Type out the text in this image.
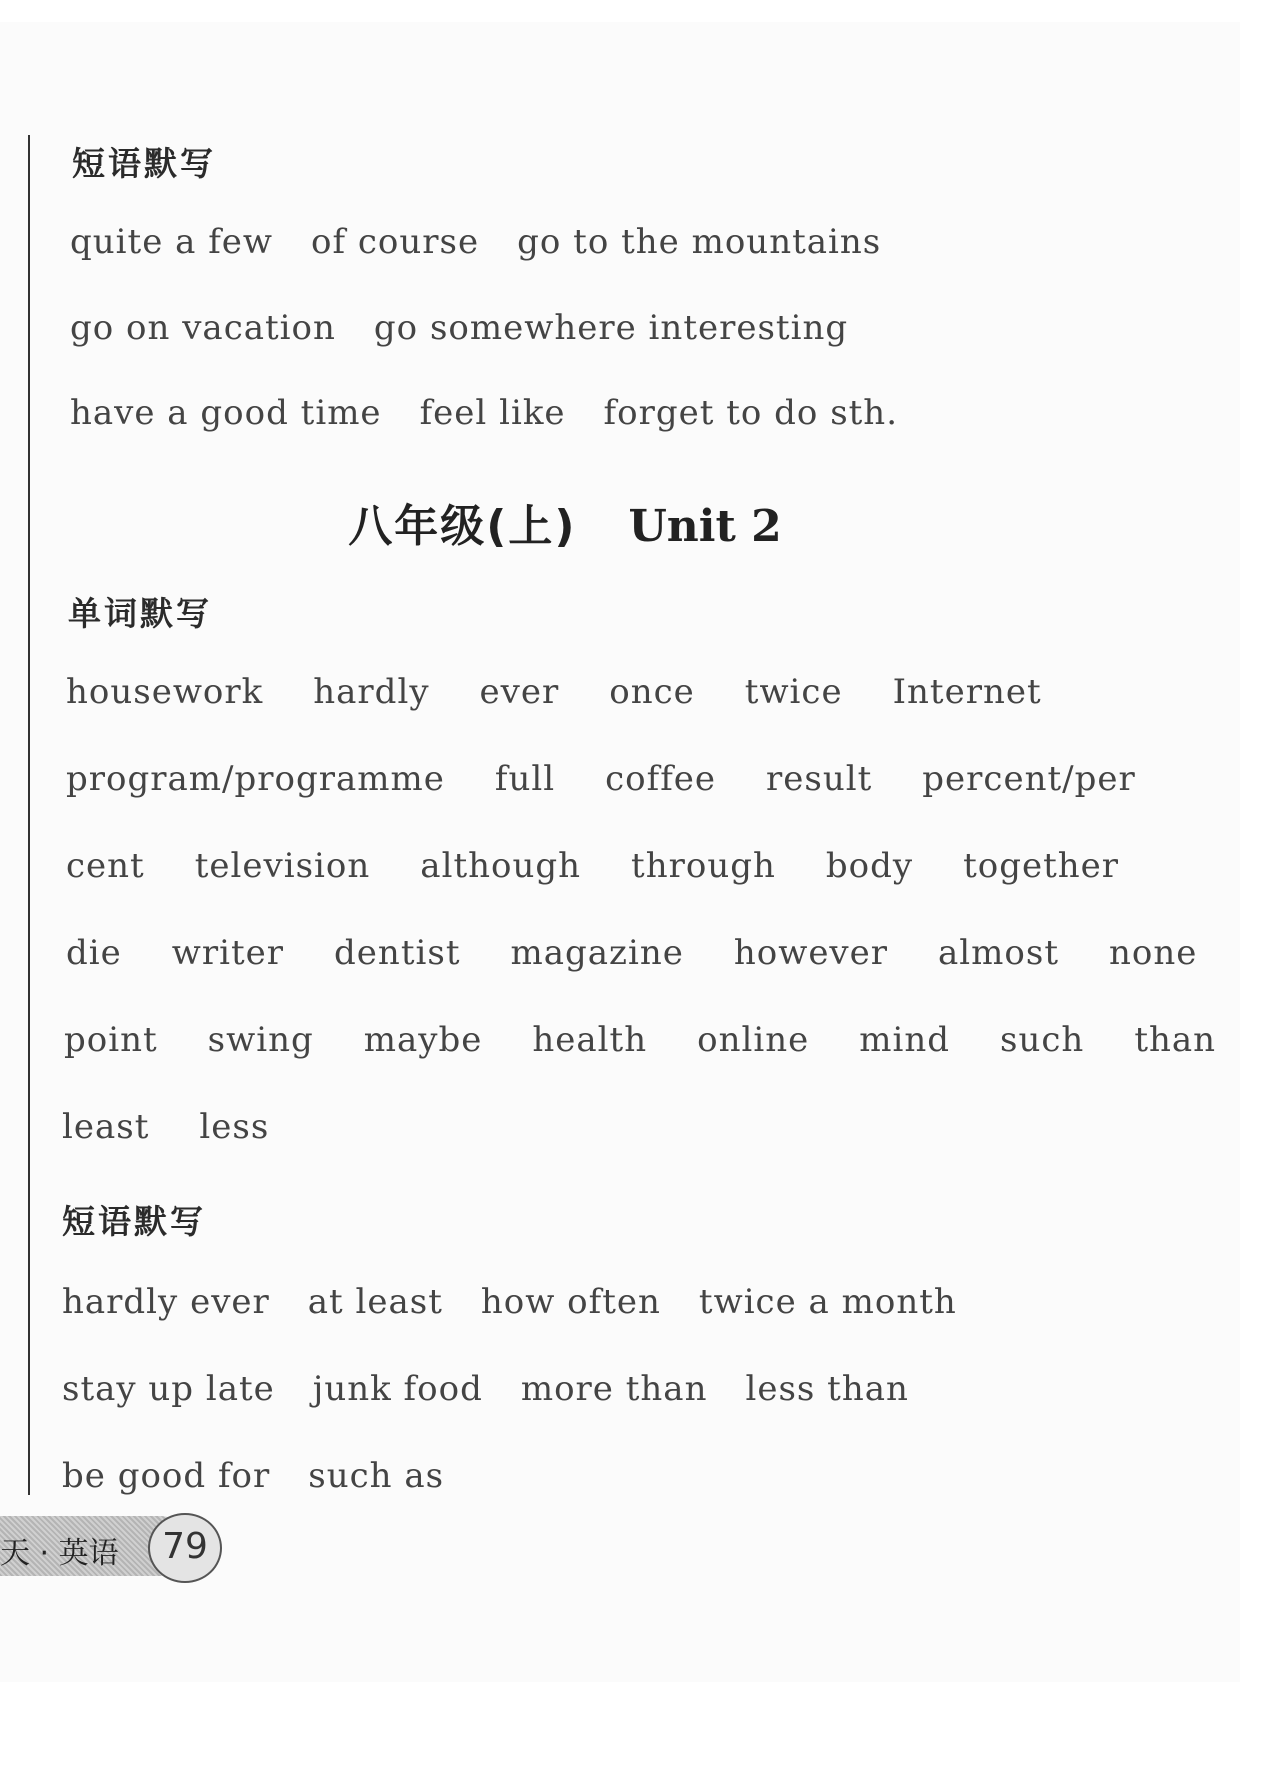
短语默写
quite a few of course go to the mountains
go on vacation go somewhere interesting
have a good time feel like forget to do sth.
八年级(上) Unit 2
单词默写
housework hardly ever once twice Internet
program/programme full coffee result percent/per
cent television although through body together
die writer dentist magazine however almost none
point swing maybe health online mind such than
least less
短语默写
hardly ever at least how often twice a month
stay up late junk food more than less than
be good for such as
天 · 英语	79
